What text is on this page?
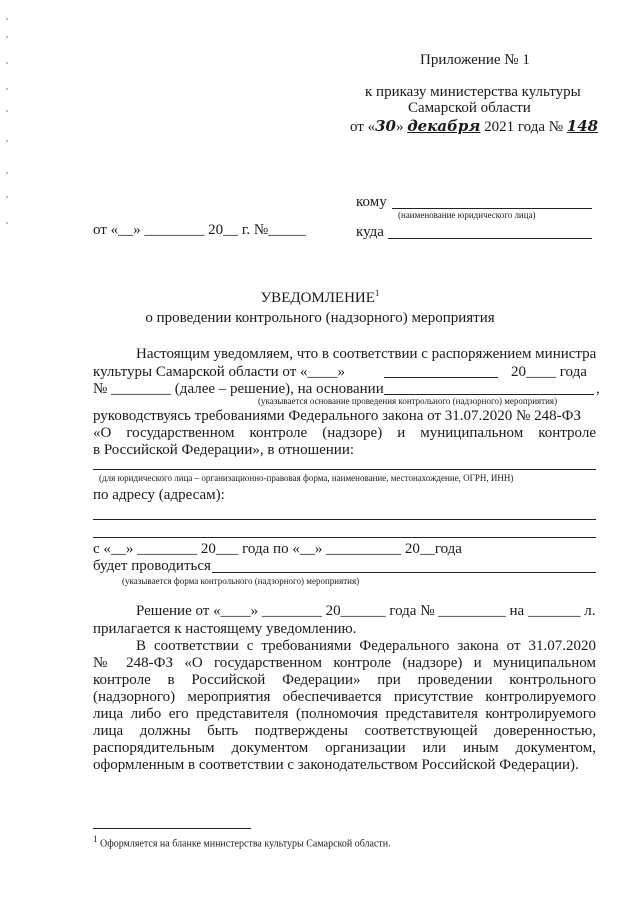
Приложение № 1
к приказу министерства культуры
Самарской области
от «30» декабря 2021 года № 148
кому
(наименование юридического лица)
от «__» ________ 20__ г. №_____	куда
УВЕДОМЛЕНИЕ$^1$
о проведении контрольного (надзорного) мероприятия
Настоящим уведомляем, что в соответствии с распоряжением министра
культуры Самарской области от «____»	20____ года
№ ________ (далее – решение), на основании	,
(указывается основание проведения контрольного (надзорного) мероприятия)
руководствуясь требованиями Федерального закона от 31.07.2020 № 248-ФЗ
«О государственном контроле (надзоре) и муниципальном контроле
в Российской Федерации», в отношении:
(для юридического лица – организационно-правовая форма, наименование, местонахождение, ОГРН, ИНН)
по адресу (адресам):
с «__» ________ 20___ года по «__» __________ 20__года
будет проводиться
(указывается форма контрольного (надзорного) мероприятия)
Решение от «____» ________ 20______ года № _________ на _______ л.
прилагается к настоящему уведомлению.
В соответствии с требованиями Федерального закона от 31.07.2020
№ 248-ФЗ «О государственном контроле (надзоре) и муниципальном
контроле в Российской Федерации» при проведении контрольного
(надзорного) мероприятия обеспечивается присутствие контролируемого
лица либо его представителя (полномочия представителя контролируемого
лица должны быть подтверждены соответствующей доверенностью,
распорядительным документом организации или иным документом,
оформленным в соответствии с законодательством Российской Федерации).
$^1$ Оформляется на бланке министерства культуры Самарской области.
